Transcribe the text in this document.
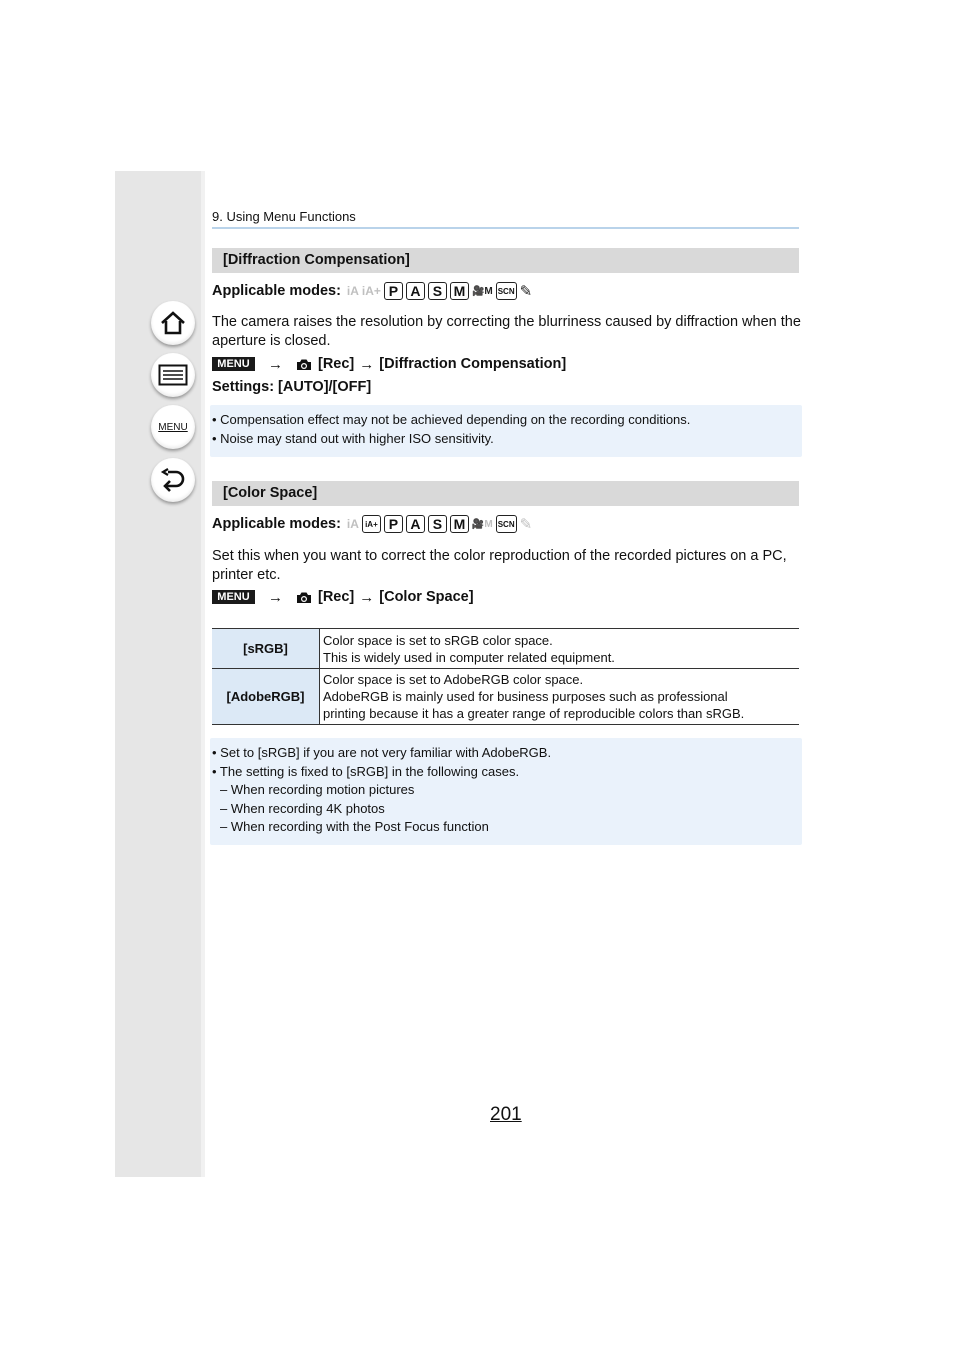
MENU
9. Using Menu Functions
[Diffraction Compensation]
Applicable modes: iA iA+ P A S M 🎥M SCN ✎
The camera raises the resolution by correcting the blurriness caused by diffraction when the aperture is closed.
MENU	→ [Rec] → [Diffraction Compensation]
Settings: [AUTO]/[OFF]
• Compensation effect may not be achieved depending on the recording conditions.
• Noise may stand out with higher ISO sensitivity.
[Color Space]
Applicable modes: iA iA+ P A S M 🎥M SCN ✎
Set this when you want to correct the color reproduction of the recorded pictures on a PC, printer etc.
MENU	→ [Rec] → [Color Space]
[sRGB]	Color space is set to sRGB color space.
This is widely used in computer related equipment.

[AdobeRGB]	Color space is set to AdobeRGB color space.
AdobeRGB is mainly used for business purposes such as professional
printing because it has a greater range of reproducible colors than sRGB.
• Set to [sRGB] if you are not very familiar with AdobeRGB.
• The setting is fixed to [sRGB] in the following cases.
– When recording motion pictures
– When recording 4K photos
– When recording with the Post Focus function
201
